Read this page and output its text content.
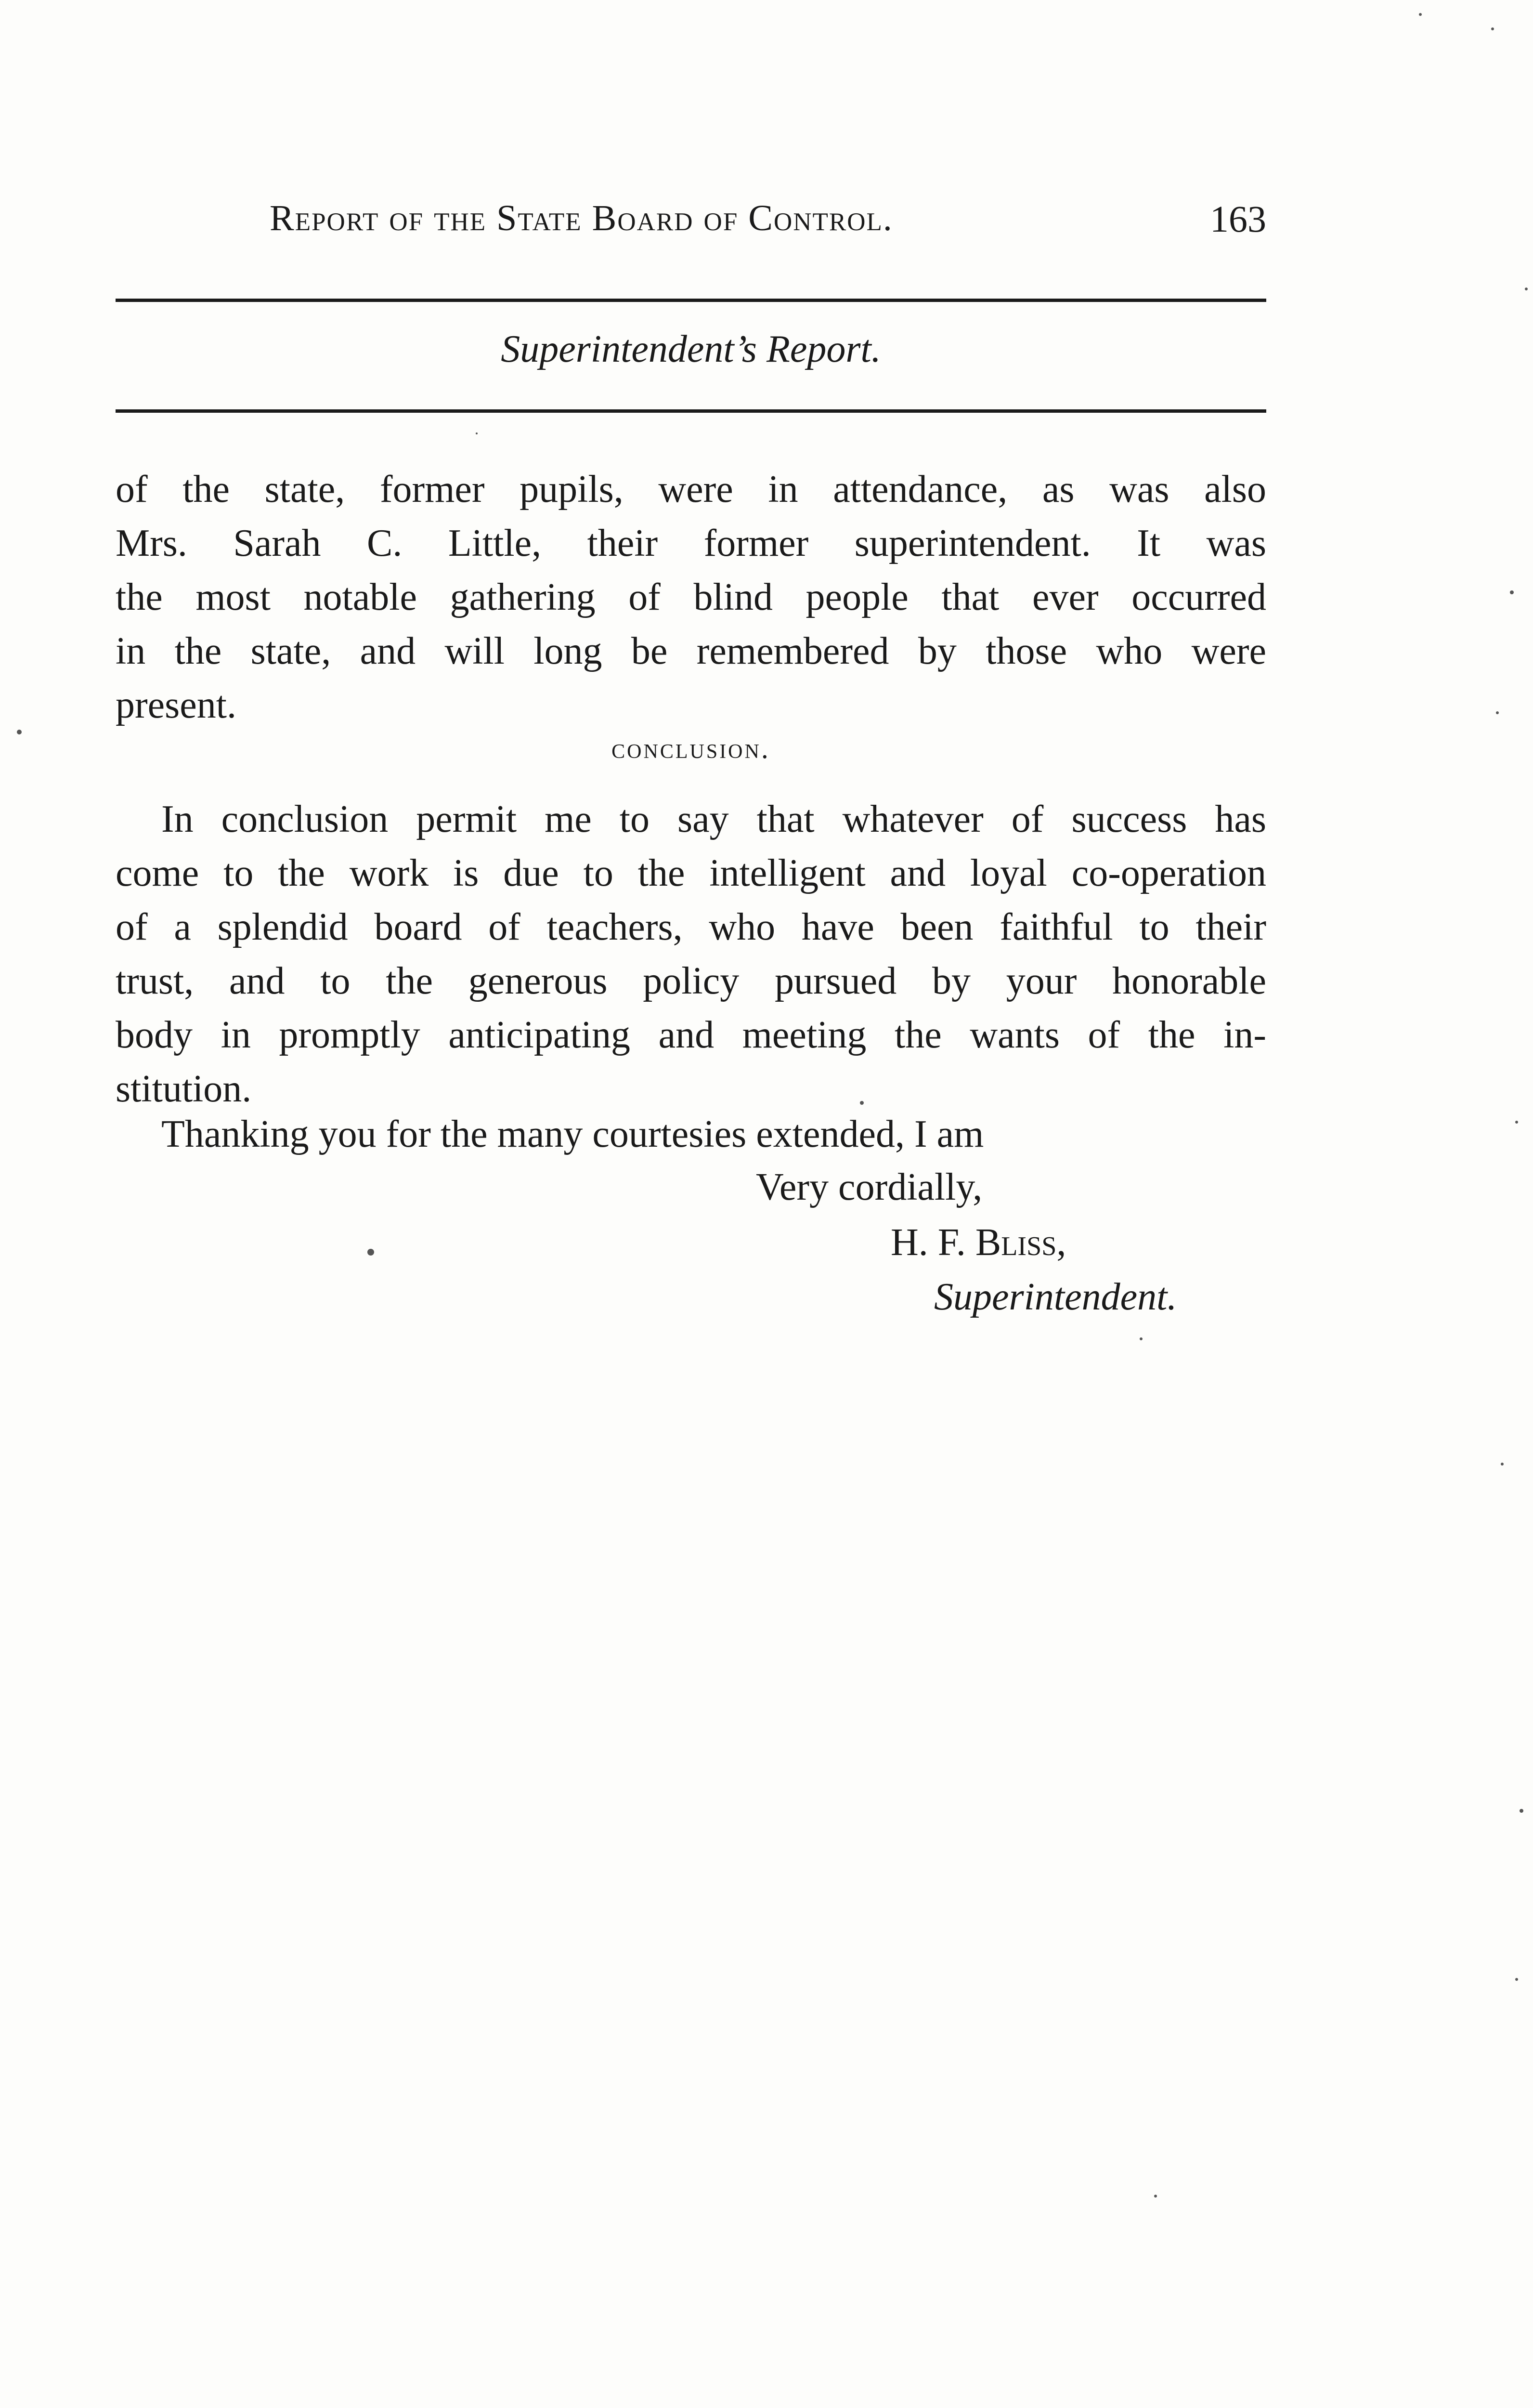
Report of the State Board of Control.	163
Superintendent’s Report.
of the state, former pupils, were in attendance, as was also
Mrs. Sarah C. Little, their former superintendent. It was
the most notable gathering of blind people that ever occurred
in the state, and will long be remembered by those who were
present.
conclusion.
In conclusion permit me to say that whatever of success has
come to the work is due to the intelligent and loyal co-operation
of a splendid board of teachers, who have been faithful to their
trust, and to the generous policy pursued by your honorable
body in promptly anticipating and meeting the wants of the in-
stitution.
Thanking you for the many courtesies extended, I am
Very cordially,
H. F. Bliss,
Superintendent.
